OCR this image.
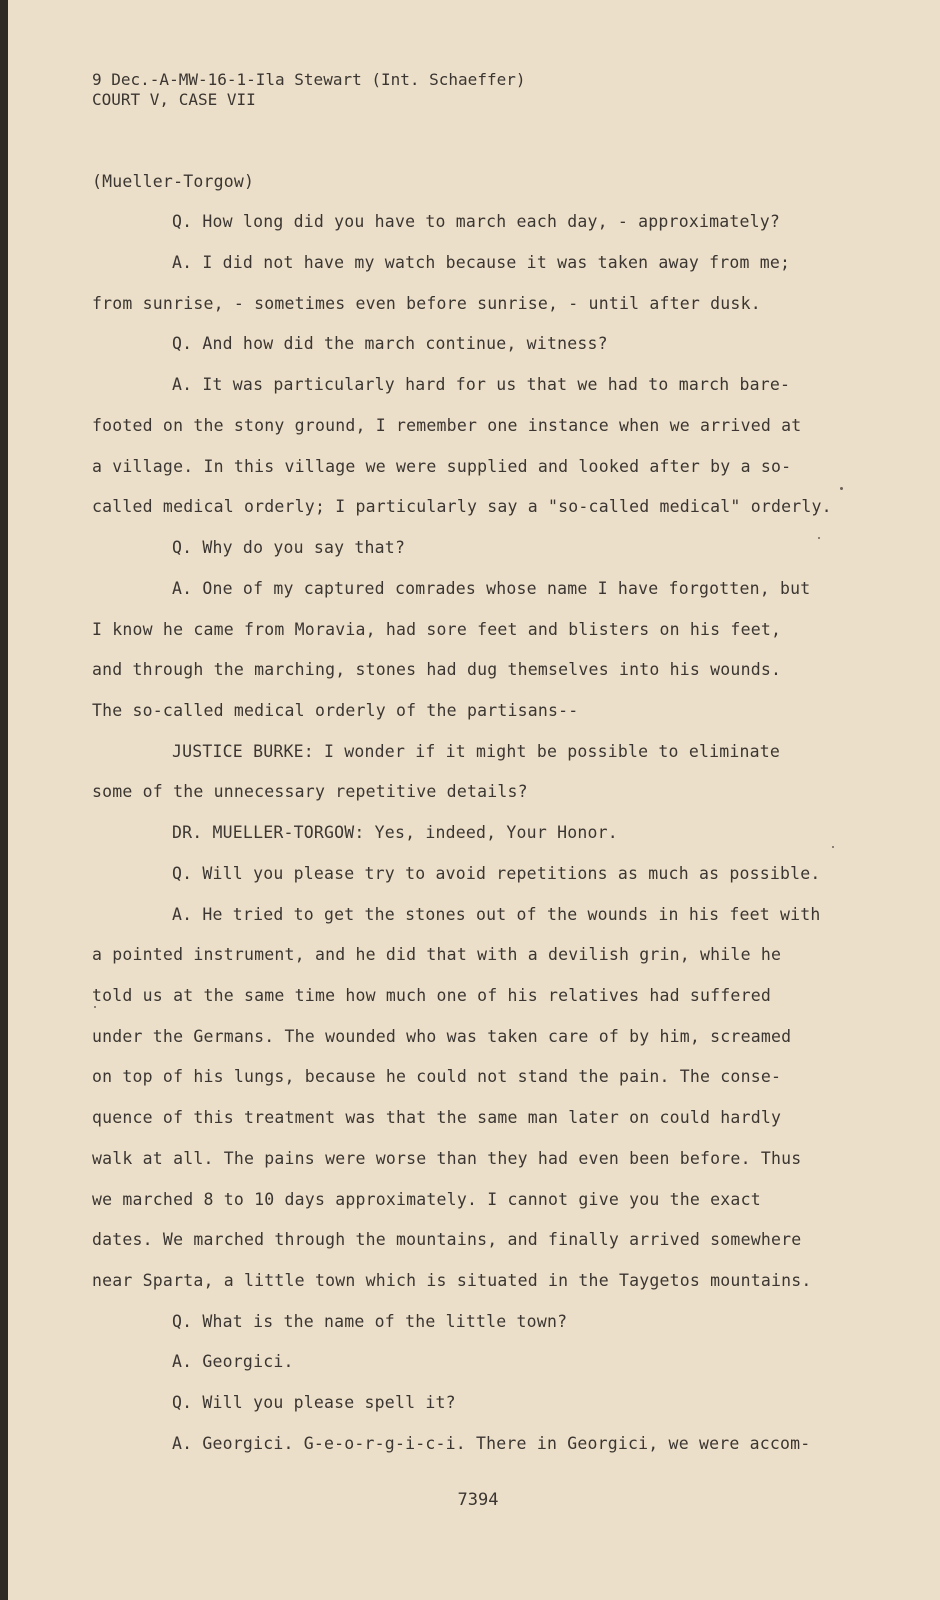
9 Dec.-A-MW-16-1-Ila Stewart (Int. Schaeffer)
COURT V, CASE VII
(Mueller-Torgow)
Q. How long did you have to march each day, - approximately?
A. I did not have my watch because it was taken away from me;
from sunrise, - sometimes even before sunrise, - until after dusk.
Q. And how did the march continue, witness?
A. It was particularly hard for us that we had to march bare-
footed on the stony ground, I remember one instance when we arrived at
a village. In this village we were supplied and looked after by a so-
called medical orderly; I particularly say a "so-called medical" orderly.
Q. Why do you say that?
A. One of my captured comrades whose name I have forgotten, but
I know he came from Moravia, had sore feet and blisters on his feet,
and through the marching, stones had dug themselves into his wounds.
The so-called medical orderly of the partisans--
JUSTICE BURKE: I wonder if it might be possible to eliminate
some of the unnecessary repetitive details?
DR. MUELLER-TORGOW: Yes, indeed, Your Honor.
Q. Will you please try to avoid repetitions as much as possible.
A. He tried to get the stones out of the wounds in his feet with
a pointed instrument, and he did that with a devilish grin, while he
told us at the same time how much one of his relatives had suffered
under the Germans. The wounded who was taken care of by him, screamed
on top of his lungs, because he could not stand the pain. The conse-
quence of this treatment was that the same man later on could hardly
walk at all. The pains were worse than they had even been before. Thus
we marched 8 to 10 days approximately. I cannot give you the exact
dates. We marched through the mountains, and finally arrived somewhere
near Sparta, a little town which is situated in the Taygetos mountains.
Q. What is the name of the little town?
A. Georgici.
Q. Will you please spell it?
A. Georgici. G-e-o-r-g-i-c-i. There in Georgici, we were accom-
7394
